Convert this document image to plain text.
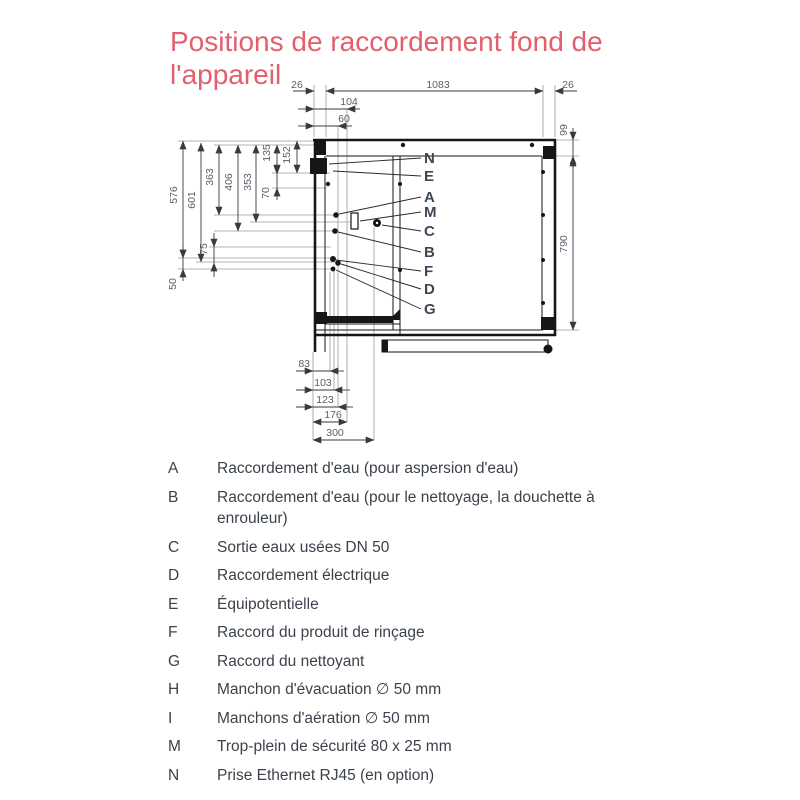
Positions de raccordement fond de l'appareil
N
E
A
M
C
B
F
D
G
26	1083	26
104
60
99
790
576 601
363 406 353
135 152
70
75
50
83
103
123
176
300
A	Raccordement d'eau (pour aspersion d'eau)
B	Raccordement d'eau (pour le nettoyage, la douchette à enrouleur)
C	Sortie eaux usées DN 50
D	Raccordement électrique
E	Équipotentielle
F	Raccord du produit de rinçage
G	Raccord du nettoyant
H	Manchon d'évacuation ∅ 50 mm
I	Manchons d'aération ∅ 50 mm
M	Trop-plein de sécurité 80 x 25 mm
N	Prise Ethernet RJ45 (en option)
